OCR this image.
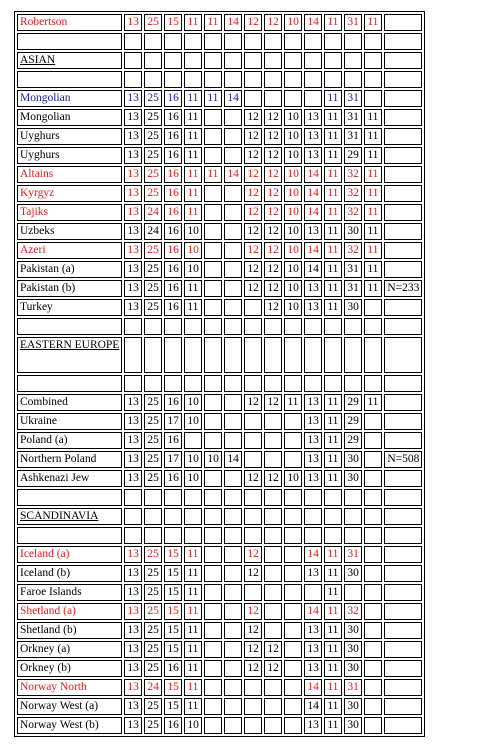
Robertson	13	25	15	11	11	14	12	12	10	14	11	31	11	

ASIAN														

Mongolian	13	25	16	11	11	14					11	31		
Mongolian	13	25	16	11			12	12	10	13	11	31	11	
Uyghurs	13	25	16	11			12	12	10	13	11	31	11	
Uyghurs	13	25	16	11			12	12	10	13	11	29	11	
Altains	13	25	16	11	11	14	12	12	10	14	11	32	11	
Kyrgyz	13	25	16	11			12	12	10	14	11	32	11	
Tajiks	13	24	16	11			12	12	10	14	11	32	11	
Uzbeks	13	24	16	10			12	12	10	13	11	30	11	
Azeri	13	25	16	10			12	12	10	14	11	32	11	
Pakistan (a)	13	25	16	10			12	12	10	14	11	31	11	
Pakistan (b)	13	25	16	11			12	12	10	13	11	31	11	N=233
Turkey	13	25	16	11				12	10	13	11	30		

EASTERN EUROPE														

Combined	13	25	16	10			12	12	11	13	11	29	11	
Ukraine	13	25	17	10						13	11	29		
Poland (a)	13	25	16							13	11	29		
Northern Poland	13	25	17	10	10	14				13	11	30		N=508
Ashkenazi Jew	13	25	16	10			12	12	10	13	11	30		

SCANDINAVIA														

Iceland (a)	13	25	15	11			12			14	11	31		
Iceland (b)	13	25	15	11			12			13	11	30		
Faroe Islands	13	25	15	11							11			
Shetland (a)	13	25	15	11			12			14	11	32		
Shetland (b)	13	25	15	11			12			13	11	30		
Orkney (a)	13	25	15	11			12	12		13	11	30		
Orkney (b)	13	25	16	11			12	12		13	11	30		
Norway North	13	24	15	11						14	11	31		
Norway West (a)	13	25	15	11						14	11	30		
Norway West (b)	13	25	16	10						13	11	30		
